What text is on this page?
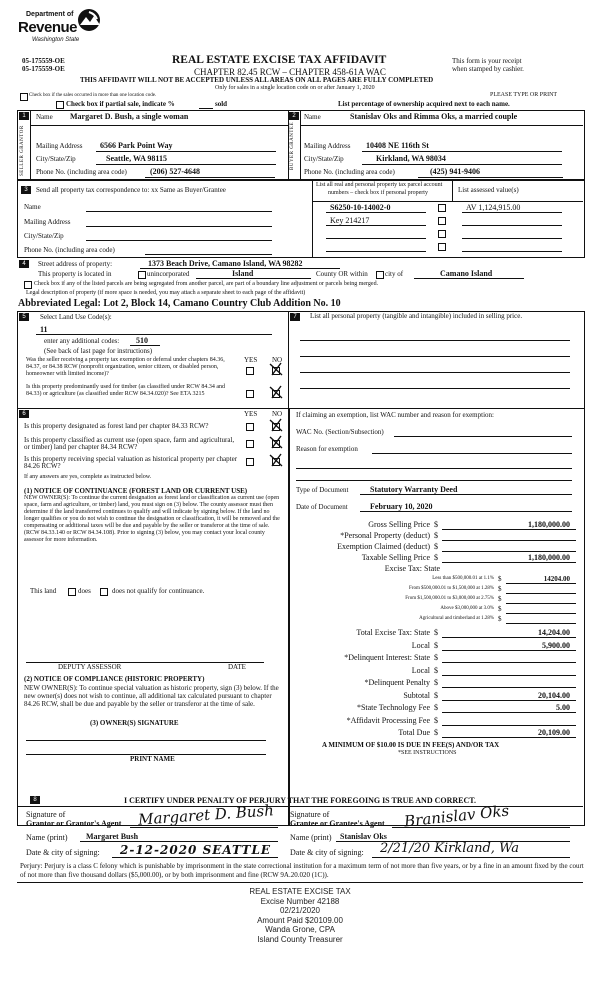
Department of
Revenue
Washington State
05-175559-OE
05-175559-OE
REAL ESTATE EXCISE TAX AFFIDAVIT
CHAPTER 82.45 RCW – CHAPTER 458-61A WAC
THIS AFFIDAVIT WILL NOT BE ACCEPTED UNLESS ALL AREAS ON ALL PAGES ARE FULLY COMPLETED
Only for sales in a single location code on or after January 1, 2020
This form is your receipt
when stamped by cashier.
PLEASE TYPE OR PRINT
Check box if the sales occurred in more than one location code.
Check box if partial sale, indicate %	sold	List percentage of ownership acquired next to each name.
1
SELLER GRANTOR
Name Margaret D. Bush, a single woman
Mailing Address 6566 Park Point Way
City/State/Zip	Seattle, WA 98115
Phone No. (including area code)	(206) 527-4648
2
BUYER GRANTEE
Name	Stanislav Oks and Rimma Oks, a married couple
Mailing Address 10408 NE 116th St
City/State/Zip	Kirkland, WA 98034
Phone No. (including area code)	(425) 941-9406
3	Send all property tax correspondence to: xx Same as Buyer/Grantee
Name
Mailing Address
City/State/Zip
Phone No. (including area code)
List all real and personal property tax parcel account
numbers – check box if personal property	List assessed value(s)
S6250-10-14002-0	AV 1,124,915.00
Key 214217
4	Street address of property:	1373 Beach Drive, Camano Island, WA 98282
This property is located in	unincorporated	Island	County OR within city of	Camano Island
Check box if any of the listed parcels are being segregated from another parcel, are part of a boundary line adjustment or parcels being merged.
Legal description of property (if more space is needed, you may attach a separate sheet to each page of the affidavit)
Abbreviated Legal: Lot 2, Block 14, Camano Country Club Addition No. 10
5	Select Land Use Code(s):
11
enter any additional codes: 510
(See back of last page for instructions)
YES NO
Was the seller receiving a property tax exemption or deferral under chapters 84.36, 84.37, or 84.38 RCW (nonprofit organization, senior citizen, or disabled person, homeowner with limited income)?
Is this property predominantly used for timber (as classified under RCW 84.34 and 84.33) or agriculture (as classified under RCW 84.34.020)? See ETA 3215
7	List all personal property (tangible and intangible) included in selling price.
6	YES NO
Is this property designated as forest land per chapter 84.33 RCW?
Is this property classified as current use (open space, farm and agricultural, or timber) land per chapter 84.34 RCW?
Is this property receiving special valuation as historical property per chapter 84.26 RCW?
If any answers are yes, complete as instructed below.
(1) NOTICE OF CONTINUANCE (FOREST LAND OR CURRENT USE)
NEW OWNER(S): To continue the current designation as forest land or classification as current use (open space, farm and agriculture, or timber) land, you must sign on (3) below. The county assessor must then determine if the land transferred continues to qualify and will indicate by signing below. If the land no longer qualifies or you do not wish to continue the designation or classification, it will be removed and the compensating or additional taxes will be due and payable by the seller or transferor at the time of sale. (RCW 84.33.140 or RCW 84.34.108). Prior to signing (3) below, you may contact your local county assessor for more information.
This land	does	does not qualify for continuance.
DEPUTY ASSESSOR	DATE
(2) NOTICE OF COMPLIANCE (HISTORIC PROPERTY)
NEW OWNER(S): To continue special valuation as historic property, sign (3) below. If the new owner(s) does not wish to continue, all additional tax calculated pursuant to chapter 84.26 RCW, shall be due and payable by the seller or transferor at the time of sale.
(3) OWNER(S) SIGNATURE
PRINT NAME
If claiming an exemption, list WAC number and reason for exemption:
WAC No. (Section/Subsection)
Reason for exemption
Type of Document	Statutory Warranty Deed
Date of Document	February 10, 2020
Gross Selling Price $	1,180,000.00
*Personal Property (deduct) $
Exemption Claimed (deduct) $
Taxable Selling Price $	1,180,000.00
Excise Tax: State
Less than $500,000.01 at 1.1% $	14204.00
From $500,000.01 to $1,500,000 at 1.28% $
From $1,500,000.01 to $3,000,000 at 2.75% $
Above $3,000,000 at 3.0% $
Agricultural and timberland at 1.28% $
Total Excise Tax: State $	14,204.00
Local $	5,900.00
*Delinquent Interest: State $
Local $
*Delinquent Penalty $
Subtotal $	20,104.00
*State Technology Fee $	5.00
*Affidavit Processing Fee $
Total Due $	20,109.00
A MINIMUM OF $10.00 IS DUE IN FEE(S) AND/OR TAX
*SEE INSTRUCTIONS
8	I CERTIFY UNDER PENALTY OF PERJURY THAT THE FOREGOING IS TRUE AND CORRECT.
Signature of
Grantor or Grantor's Agent Margaret D. Bush
Name (print) Margaret Bush
Date & city of signing: 2-12-2020 SEATTLE
Signature of
Grantee or Grantee's Agent Branislav Oks
Name (print) Stanislav Oks
Date & city of signing: 2/21/20 Kirkland, Wa
Perjury: Perjury is a class C felony which is punishable by imprisonment in the state correctional institution for a maximum term of not more than five years, or by a fine in an amount fixed by the court of not more than five thousand dollars ($5,000.00), or by both imprisonment and fine (RCW 9A.20.020 (1C)).
REAL ESTATE EXCISE TAX
Excise Number 42188
02/21/2020
Amount Paid $20109.00
Wanda Grone, CPA
Island County Treasurer
